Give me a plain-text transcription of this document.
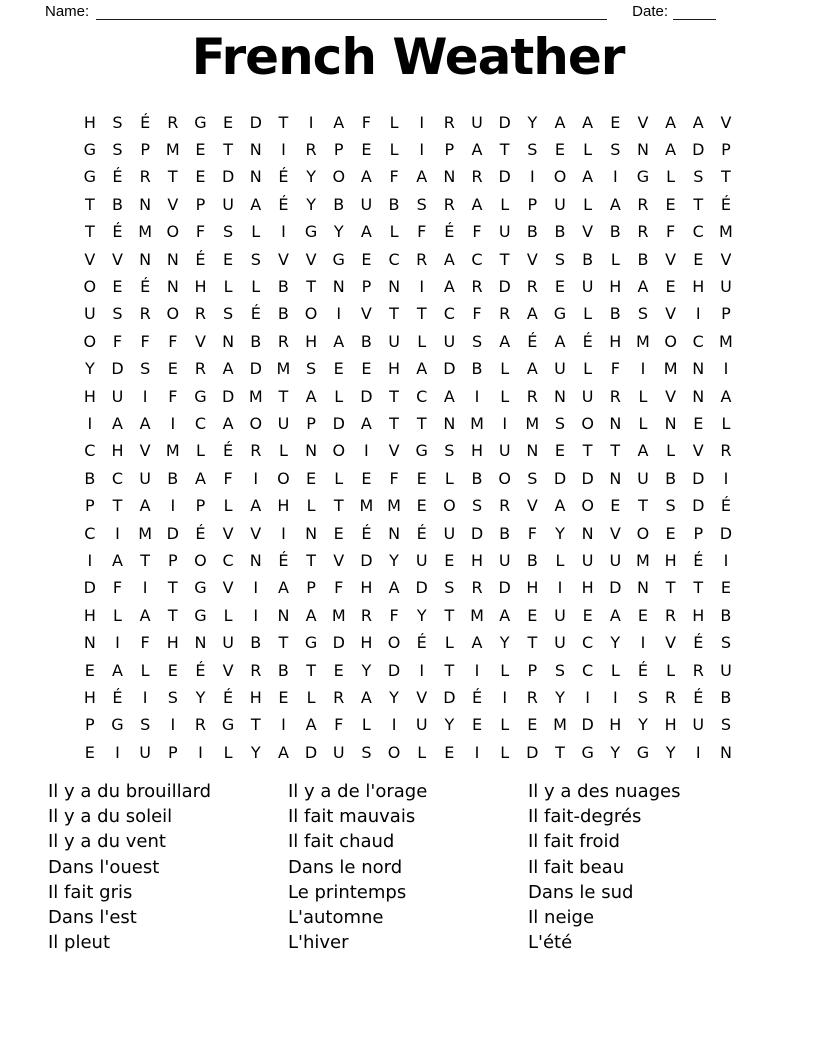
Name:	Date:
French Weather
H	S	É	R G	E	D	T	I	A	F	L	I	R	U D	Y	A	A	E	V	A	A	V
G	S	P M E	T	N	I	R	P	E	L	I	P	A	T	S	E	L	S	N	A	D	P
G	É	R	T	E	D N	É	Y	O A	F	A	N	R D	I	O A	I	G	L	S	T
T	B	N	V	P	U	A	É	Y	B	U	B	S	R	A	L	P	U	L	A	R	E	T	É
T	É M O	F	S	L	I	G	Y	A	L	F	É	F	U	B	B	V	B	R	F	C M
V	V	N N	É	E	S	V	V G	E	C	R	A	C	T	V	S	B	L	B	V	E	V
O	E	É	N H	L	L	B	T	N	P	N	I	A	R D R	E	U H	A	E	H U
U	S	R O R	S	É	B O	I	V	T	T	C	F	R	A G	L	B	S	V	I	P
O	F	F	F	V	N	B	R	H	A	B	U	L	U	S	A	É	A	É	H M O C M
Y	D	S	E	R	A	D M S	E	E	H	A	D	B	L	A	U	L	F	I	M N	I
H U	I	F	G D M T	A	L	D	T	C	A	I	L	R	N U	R	L	V	N	A
I	A	A	I	C	A O U	P	D	A	T	T	N M	I	M S	O N	L	N	E	L
C	H	V M	L	É	R	L	N O	I	V G	S	H U N	E	T	T	A	L	V	R
B	C	U	B	A	F	I	O	E	L	E	F	E	L	B O	S	D D N U	B	D	I
P	T	A	I	P	L	A	H	L	T M M E	O	S	R	V	A O	E	T	S	D	É
C	I	M D	É	V	V	I	N	E	É	N	É	U D	B	F	Y	N	V O	E	P	D
I	A	T	P	O C	N	É	T	V	D	Y	U	E	H U	B	L	U U M H	É	I
D	F	I	T	G V	I	A	P	F	H	A	D	S	R D H	I	H D N	T	T	E
H	L	A	T	G	L	I	N	A M R	F	Y	T M A	E	U	E	A	E	R	H	B
N	I	F	H N U	B	T	G D H O	É	L	A	Y	T	U	C	Y	I	V	É	S
E	A	L	E	É	V	R	B	T	E	Y	D	I	T	I	L	P	S	C	L	É	L	R	U
H	É	I	S	Y	É	H	E	L	R	A	Y	V	D	É	I	R	Y	I	I	S	R	É	B
P	G	S	I	R G	T	I	A	F	L	I	U	Y	E	L	E M D H	Y	H U	S
E	I	U	P	I	L	Y	A	D U	S	O	L	E	I	L	D	T	G	Y	G	Y	I	N
Il y a du brouillard
Il y a du soleil
Il y a du vent
Dans l'ouest
Il fait gris
Dans l'est
Il pleut
Il y a de l'orage
Il fait mauvais
Il fait chaud
Dans le nord
Le printemps
L'automne
L'hiver
Il y a des nuages
Il fait-degrés
Il fait froid
Il fait beau
Dans le sud
Il neige
L'été
